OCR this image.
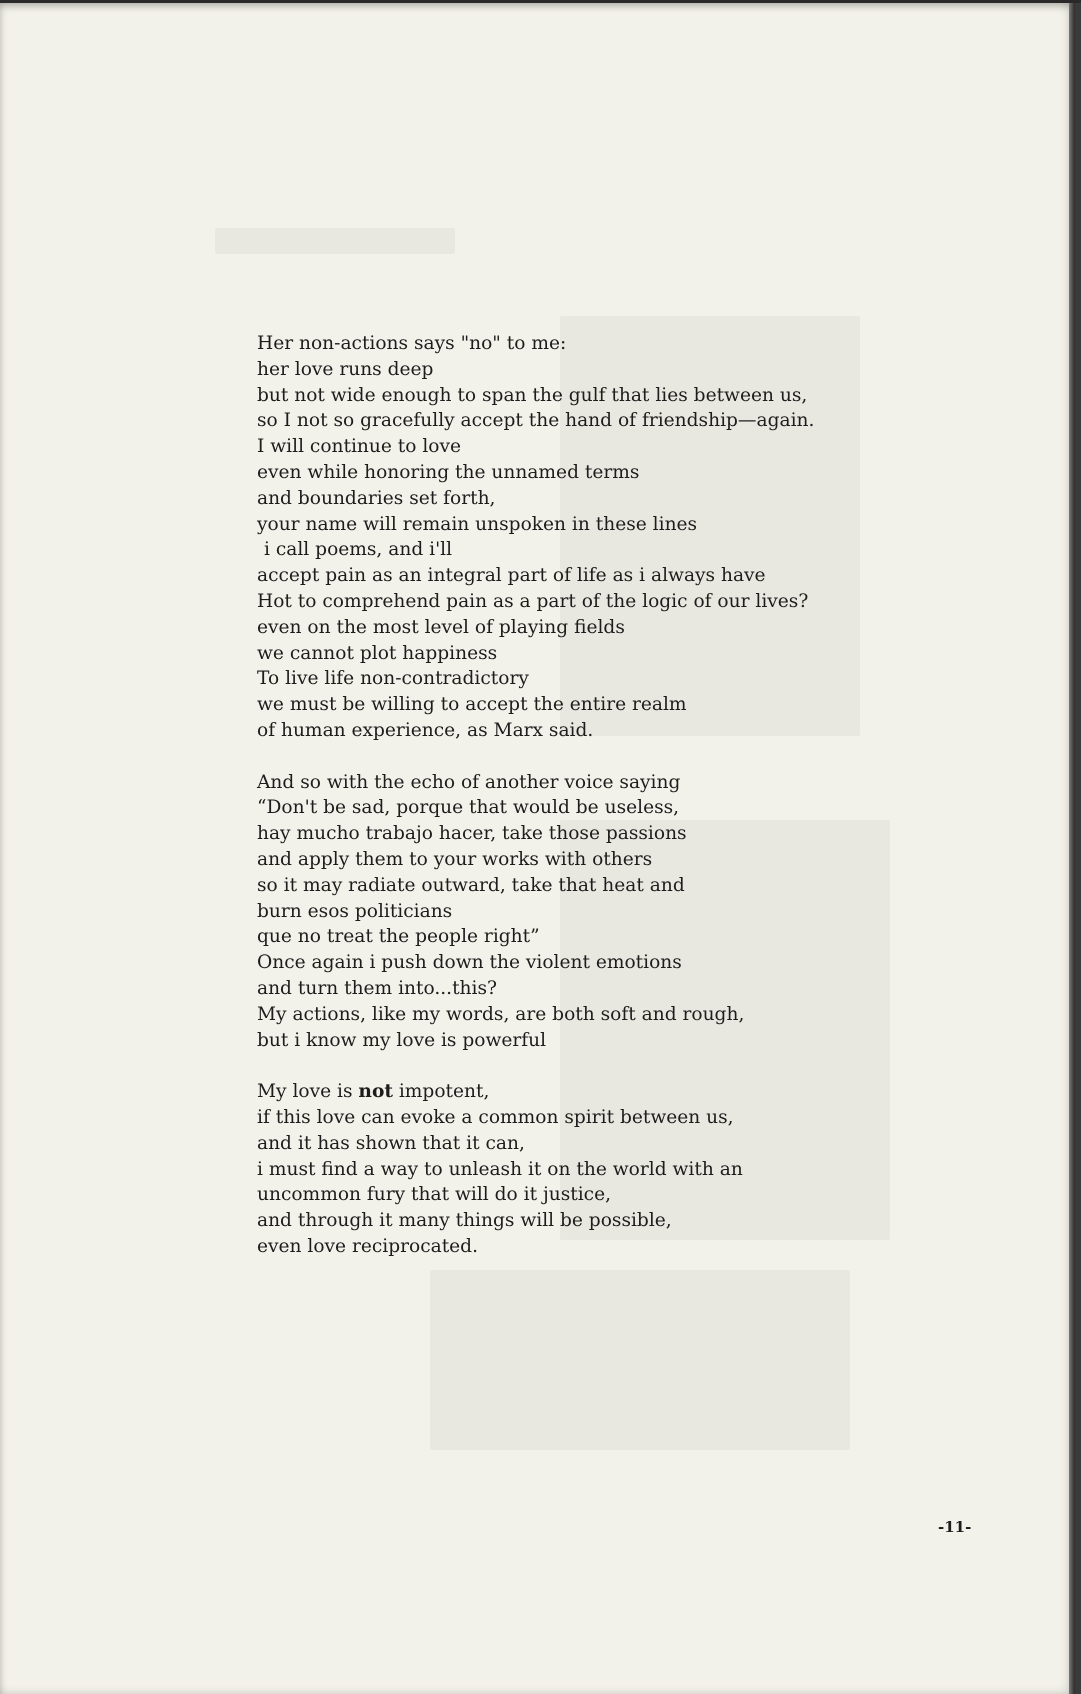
Her non-actions says "no" to me:
her love runs deep
but not wide enough to span the gulf that lies between us,
so I not so gracefully accept the hand of friendship—again.
I will continue to love
even while honoring the unnamed terms
and boundaries set forth,
your name will remain unspoken in these lines
i call poems, and i'll
accept pain as an integral part of life as i always have
Hot to comprehend pain as a part of the logic of our lives?
even on the most level of playing fields
we cannot plot happiness
To live life non-contradictory
we must be willing to accept the entire realm
of human experience, as Marx said.
And so with the echo of another voice saying
“Don't be sad, porque that would be useless,
hay mucho trabajo hacer, take those passions
and apply them to your works with others
so it may radiate outward, take that heat and
burn esos politicians
que no treat the people right”
Once again i push down the violent emotions
and turn them into...this?
My actions, like my words, are both soft and rough,
but i know my love is powerful
My love is not impotent,
if this love can evoke a common spirit between us,
and it has shown that it can,
i must find a way to unleash it on the world with an
uncommon fury that will do it justice,
and through it many things will be possible,
even love reciprocated.
-11-
